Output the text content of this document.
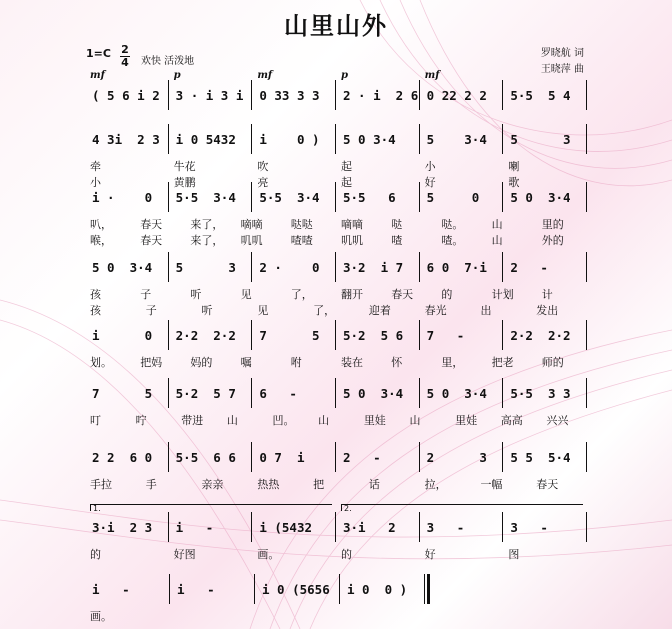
山里山外
1=C 2
4 欢快 活泼地
罗晓航 词
王晓萍 曲
( 5 6 i 2	3 · i 3 i	0 33 3 3	2 · i  2 6 0 22 2 2	5·5  5 4
mf	p	mf	p	mf
4 3i  2 3	i 0 5432	i    0 )	5 0 3·4	5    3·4	5      3
牵	牛花	吹	起	小	喇
小	黄鹏	亮	起	好	歌
i ·    0	5·5  3·4	5·5  3·4	5·5   6	5     0	5 0  3·4
叭，	春天	来了， 嘀嘀	哒哒	嘀嘀	哒	哒。	山	里的
喉，	春天	来了， 叽叽	喳喳	叽叽	喳	喳。	山	外的
5 0  3·4	5      3	2 ·    0	3·2  i 7	6 0  7·i	2   -
孩	子	听	见	了，	翻开	春天	的	计划	计
孩	子	听	见	了，	迎着	春光	出	发出
i      0	2·2  2·2	7      5	5·2  5 6	7   -	2·2  2·2
划。	把妈	妈的	嘱	咐	装在	怀	里，	把老	师的
7      5	5·2  5 7	6   -	5 0  3·4	5 0  3·4	5·5  3 3
叮	咛	带进 山	凹。 山	里娃 山	里娃 高高 兴兴
2 2  6 0	5·5  6 6	0 7  i	2   -	2      3	5 5  5·4
手拉	手	亲亲	热热	把	话	拉，	一幅	春天
3·i  2 3	i   -	i (5432	3·i   2	3   -	3   -
1.	2.
的	好图	画。	的	好	图
i   -	i   -	i 0 (5656	i 0  0 )
画。
